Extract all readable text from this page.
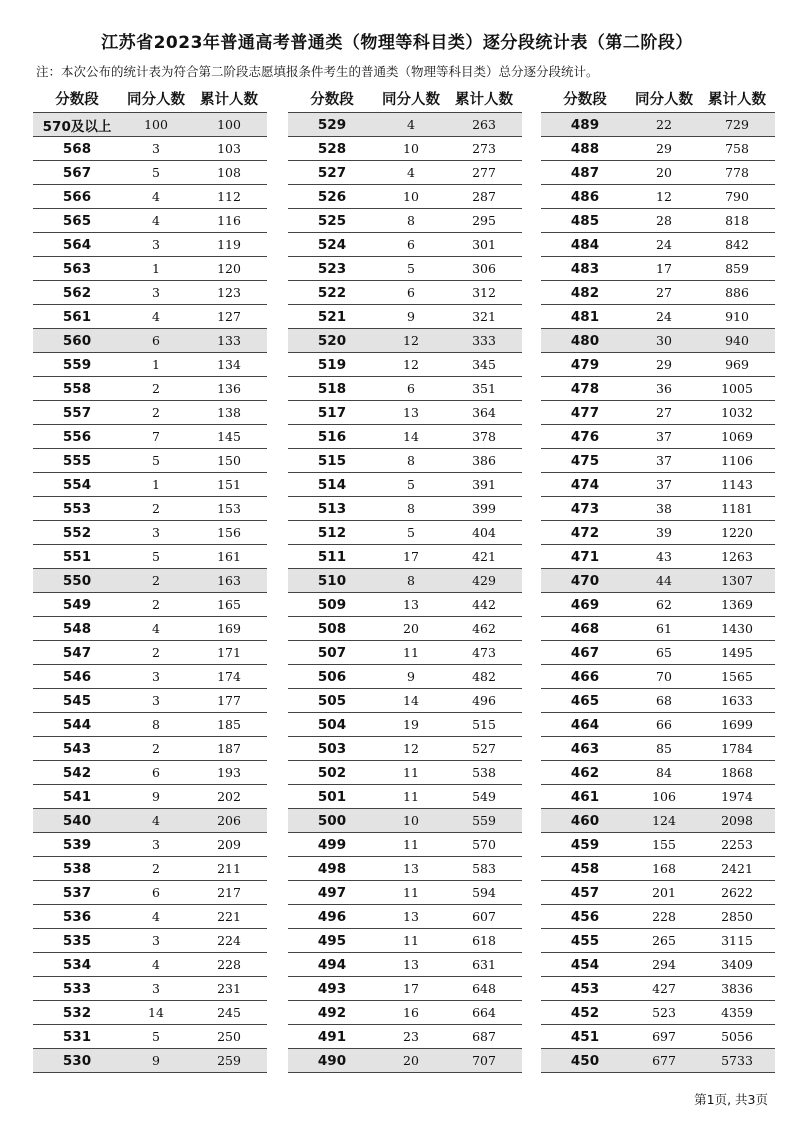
江苏省2023年普通高考普通类（物理等科目类）逐分段统计表（第二阶段）
注：本次公布的统计表为符合第二阶段志愿填报条件考生的普通类（物理等科目类）总分逐分段统计。
分数段	同分人数	累计人数
570及以上	100	100
568	3	103
567	5	108
566	4	112
565	4	116
564	3	119
563	1	120
562	3	123
561	4	127
560	6	133
559	1	134
558	2	136
557	2	138
556	7	145
555	5	150
554	1	151
553	2	153
552	3	156
551	5	161
550	2	163
549	2	165
548	4	169
547	2	171
546	3	174
545	3	177
544	8	185
543	2	187
542	6	193
541	9	202
540	4	206
539	3	209
538	2	211
537	6	217
536	4	221
535	3	224
534	4	228
533	3	231
532	14	245
531	5	250
530	9	259
分数段	同分人数	累计人数
529	4	263
528	10	273
527	4	277
526	10	287
525	8	295
524	6	301
523	5	306
522	6	312
521	9	321
520	12	333
519	12	345
518	6	351
517	13	364
516	14	378
515	8	386
514	5	391
513	8	399
512	5	404
511	17	421
510	8	429
509	13	442
508	20	462
507	11	473
506	9	482
505	14	496
504	19	515
503	12	527
502	11	538
501	11	549
500	10	559
499	11	570
498	13	583
497	11	594
496	13	607
495	11	618
494	13	631
493	17	648
492	16	664
491	23	687
490	20	707
分数段	同分人数	累计人数
489	22	729
488	29	758
487	20	778
486	12	790
485	28	818
484	24	842
483	17	859
482	27	886
481	24	910
480	30	940
479	29	969
478	36	1005
477	27	1032
476	37	1069
475	37	1106
474	37	1143
473	38	1181
472	39	1220
471	43	1263
470	44	1307
469	62	1369
468	61	1430
467	65	1495
466	70	1565
465	68	1633
464	66	1699
463	85	1784
462	84	1868
461	106	1974
460	124	2098
459	155	2253
458	168	2421
457	201	2622
456	228	2850
455	265	3115
454	294	3409
453	427	3836
452	523	4359
451	697	5056
450	677	5733
第1页, 共3页
